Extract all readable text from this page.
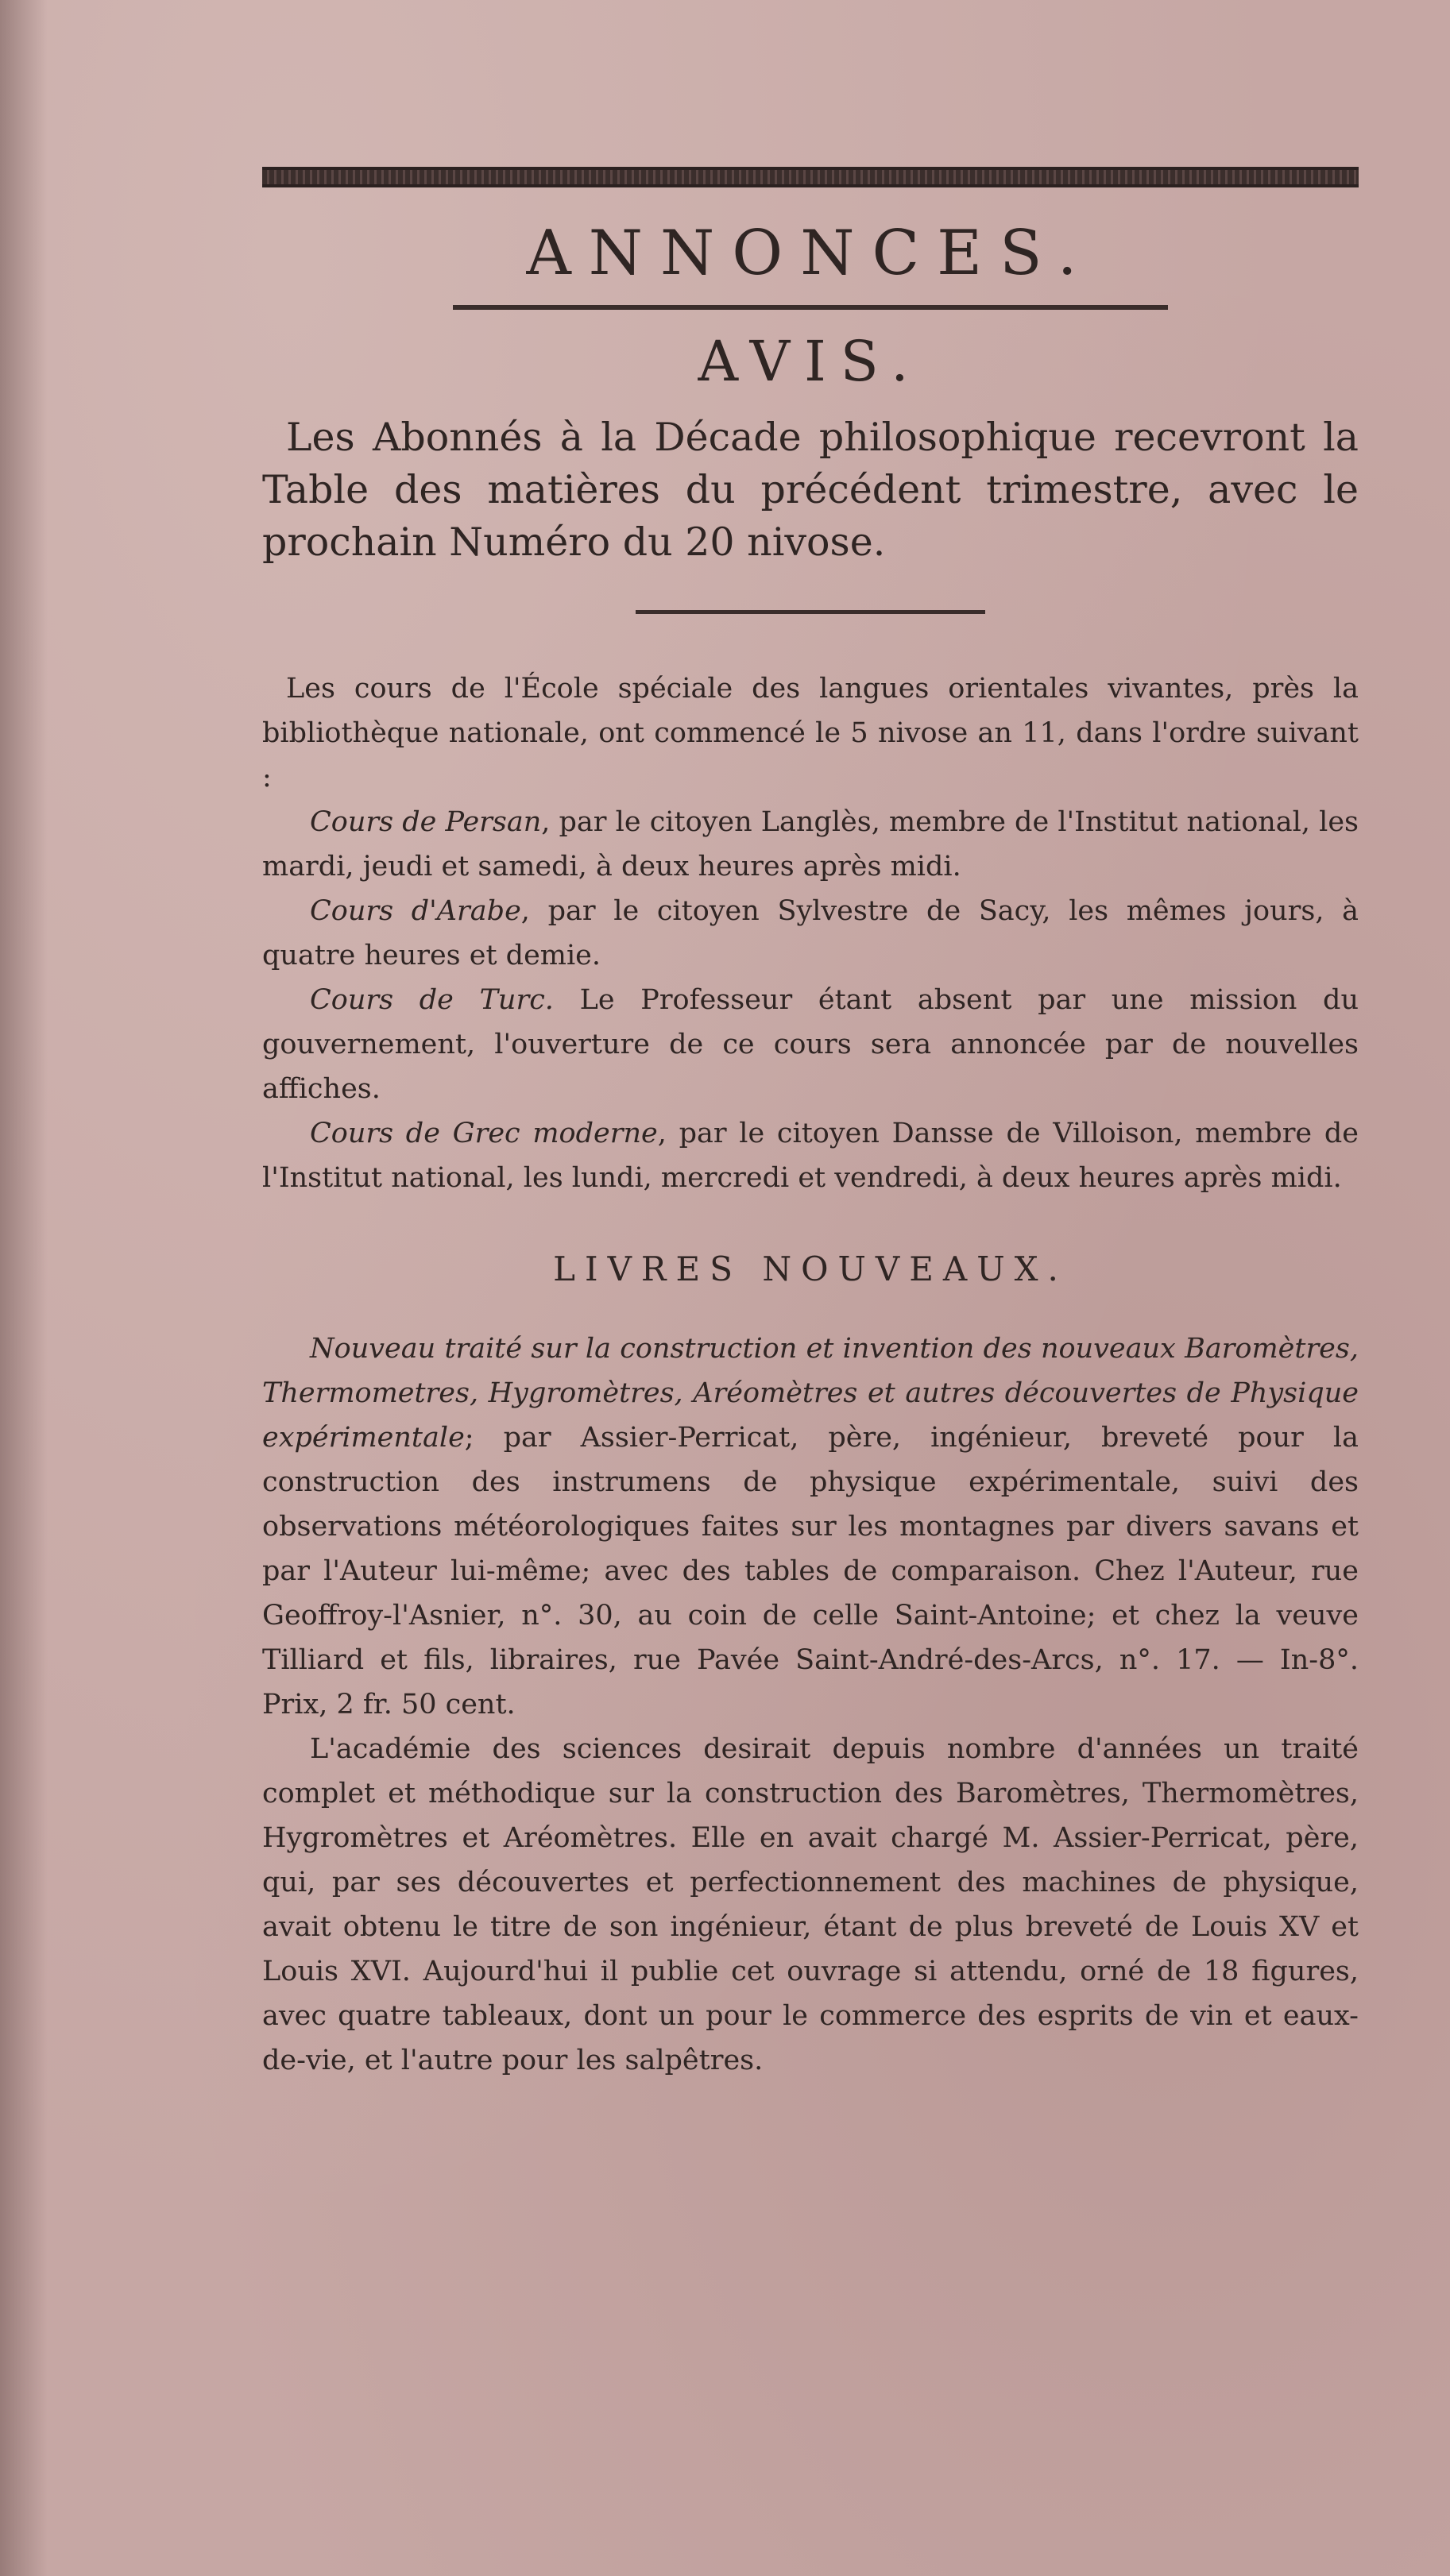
ANNONCES.
AVIS.

Les Abonnés à la Décade philosophique recevront la Table des matières du précédent trimestre, avec le prochain Numéro du 20 nivose.

Les cours de l'École spéciale des langues orientales vivantes, près la bibliothèque nationale, ont commencé le 5 nivose an 11, dans l'ordre suivant :

Cours de Persan, par le citoyen Langlès, membre de l'Institut national, les mardi, jeudi et samedi, à deux heures après midi.

Cours d'Arabe, par le citoyen Sylvestre de Sacy, les mêmes jours, à quatre heures et demie.

Cours de Turc. Le Professeur étant absent par une mission du gouvernement, l'ouverture de ce cours sera annoncée par de nouvelles affiches.

Cours de Grec moderne, par le citoyen Dansse de Villoison, membre de l'Institut national, les lundi, mercredi et vendredi, à deux heures après midi.

LIVRES NOUVEAUX.

Nouveau traité sur la construction et invention des nouveaux Baromètres, Thermometres, Hygromètres, Aréomètres et autres découvertes de Physique expérimentale; par Assier-Perricat, père, ingénieur, breveté pour la construction des instrumens de physique expérimentale, suivi des observations météorologiques faites sur les montagnes par divers savans et par l'Auteur lui-même; avec des tables de comparaison. Chez l'Auteur, rue Geoffroy-l'Asnier, n°. 30, au coin de celle Saint-Antoine; et chez la veuve Tilliard et fils, libraires, rue Pavée Saint-André-des-Arcs, n°. 17. — In-8°. Prix, 2 fr. 50 cent.

L'académie des sciences desirait depuis nombre d'années un traité complet et méthodique sur la construction des Baromètres, Thermomètres, Hygromètres et Aréomètres. Elle en avait chargé M. Assier-Perricat, père, qui, par ses découvertes et perfectionnement des machines de physique, avait obtenu le titre de son ingénieur, étant de plus breveté de Louis XV et Louis XVI. Aujourd'hui il publie cet ouvrage si attendu, orné de 18 figures, avec quatre tableaux, dont un pour le commerce des esprits de vin et eaux-de-vie, et l'autre pour les salpêtres.
